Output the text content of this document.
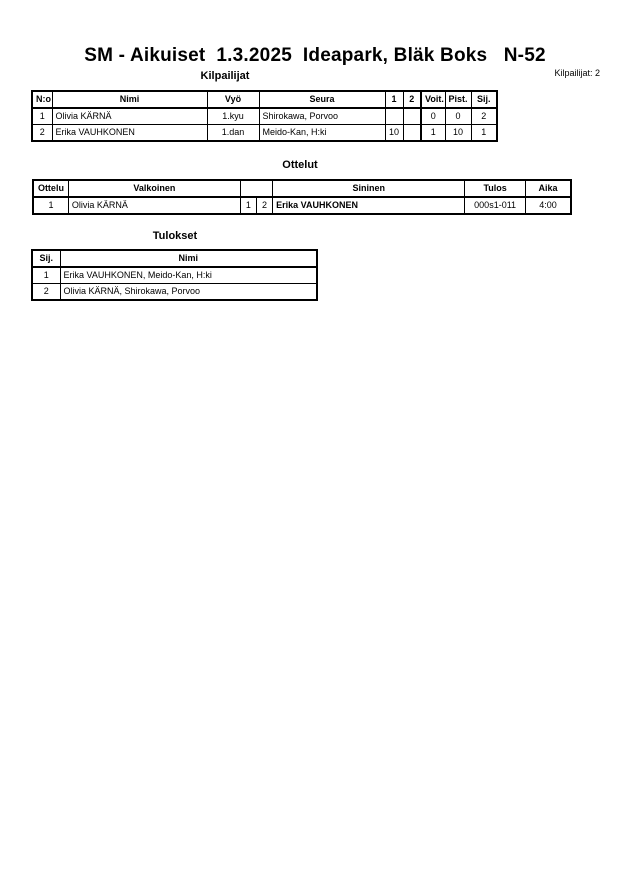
SM - Aikuiset  1.3.2025  Ideapark, Bläk Boks   N-52
Kilpailijat: 2
Kilpailijat
N:o	Nimi	Vyö	Seura	1	2	Voit.	Pist.	Sij.
1	Olivia KÄRNÄ	1.kyu	Shirokawa, Porvoo			0	0	2
2	Erika VAUHKONEN	1.dan	Meido-Kan, H:ki	10		1	10	1
Ottelut
Ottelu	Valkoinen			Sininen	Tulos	Aika
1	Olivia KÄRNÄ	1	2	Erika VAUHKONEN	000s1-011	4:00
Tulokset
Sij.	Nimi
1	Erika VAUHKONEN, Meido-Kan, H:ki
2	Olivia KÄRNÄ, Shirokawa, Porvoo
